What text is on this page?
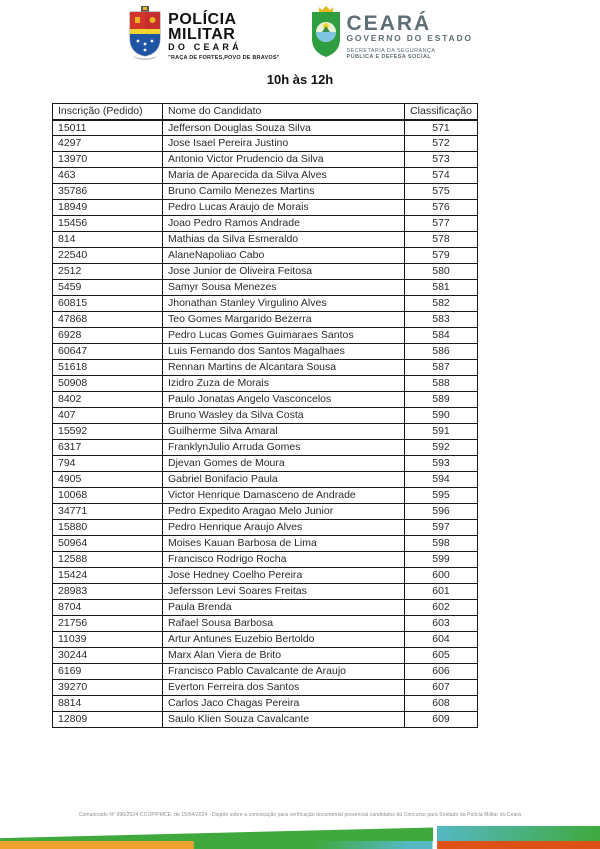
POLÍCIA
MILITAR
DO CEARÁ
"RAÇA DE FORTES,POVO DE BRAVOS"
CEARÁ
GOVERNO DO ESTADO
SECRETARIA DA SEGURANÇA
PÚBLICA E DEFESA SOCIAL
10h às 12h
Inscrição (Pedido)	Nome do Candidato	Classificação
15011	Jefferson Douglas Souza Silva	571
4297	Jose Isael Pereira Justino	572
13970	Antonio Victor Prudencio da Silva	573
463	Maria de Aparecida da Silva Alves	574
35786	Bruno Camilo Menezes Martins	575
18949	Pedro Lucas Araujo de Morais	576
15456	Joao Pedro Ramos Andrade	577
814	Mathias da Silva Esmeraldo	578
22540	AlaneNapoliao Cabo	579
2512	Jose Junior de Oliveira Feitosa	580
5459	Samyr Sousa Menezes	581
60815	Jhonathan Stanley Virgulino Alves	582
47868	Teo Gomes Margarido Bezerra	583
6928	Pedro Lucas Gomes Guimaraes Santos	584
60647	Luis Fernando dos Santos Magalhaes	586
51618	Rennan Martins de Alcantara Sousa	587
50908	Izidro Zuza de Morais	588
8402	Paulo Jonatas Angelo Vasconcelos	589
407	Bruno Wasley da Silva Costa	590
15592	Guilherme Silva Amaral	591
6317	FranklynJulio Arruda Gomes	592
794	Djevan Gomes de Moura	593
4905	Gabriel Bonifacio Paula	594
10068	Victor Henrique Damasceno de Andrade	595
34771	Pedro Expedito Aragao Melo Junior	596
15880	Pedro Henrique Araujo Alves	597
50964	Moises Kauan Barbosa de Lima	598
12588	Francisco Rodrigo Rocha	599
15424	Jose Hedney Coelho Pereira	600
28983	Jefersson Levi Soares Freitas	601
8704	Paula Brenda	602
21756	Rafael Sousa Barbosa	603
11039	Artur Antunes Euzebio Bertoldo	604
30244	Marx Alan Viera de Brito	605
6169	Francisco Pablo Cavalcante de Araujo	606
39270	Everton Ferreira dos Santos	607
8814	Carlos Jaco Chagas Pereira	608
12809	Saulo Klien Souza Cavalcante	609
Comunicado Nº 096/2024-CCOP/PMCE, de 15/04/2024 - Dispõe sobre a convocação para verificação documental presencial candidatos do Concurso para Soldado da Polícia Militar do Ceará
